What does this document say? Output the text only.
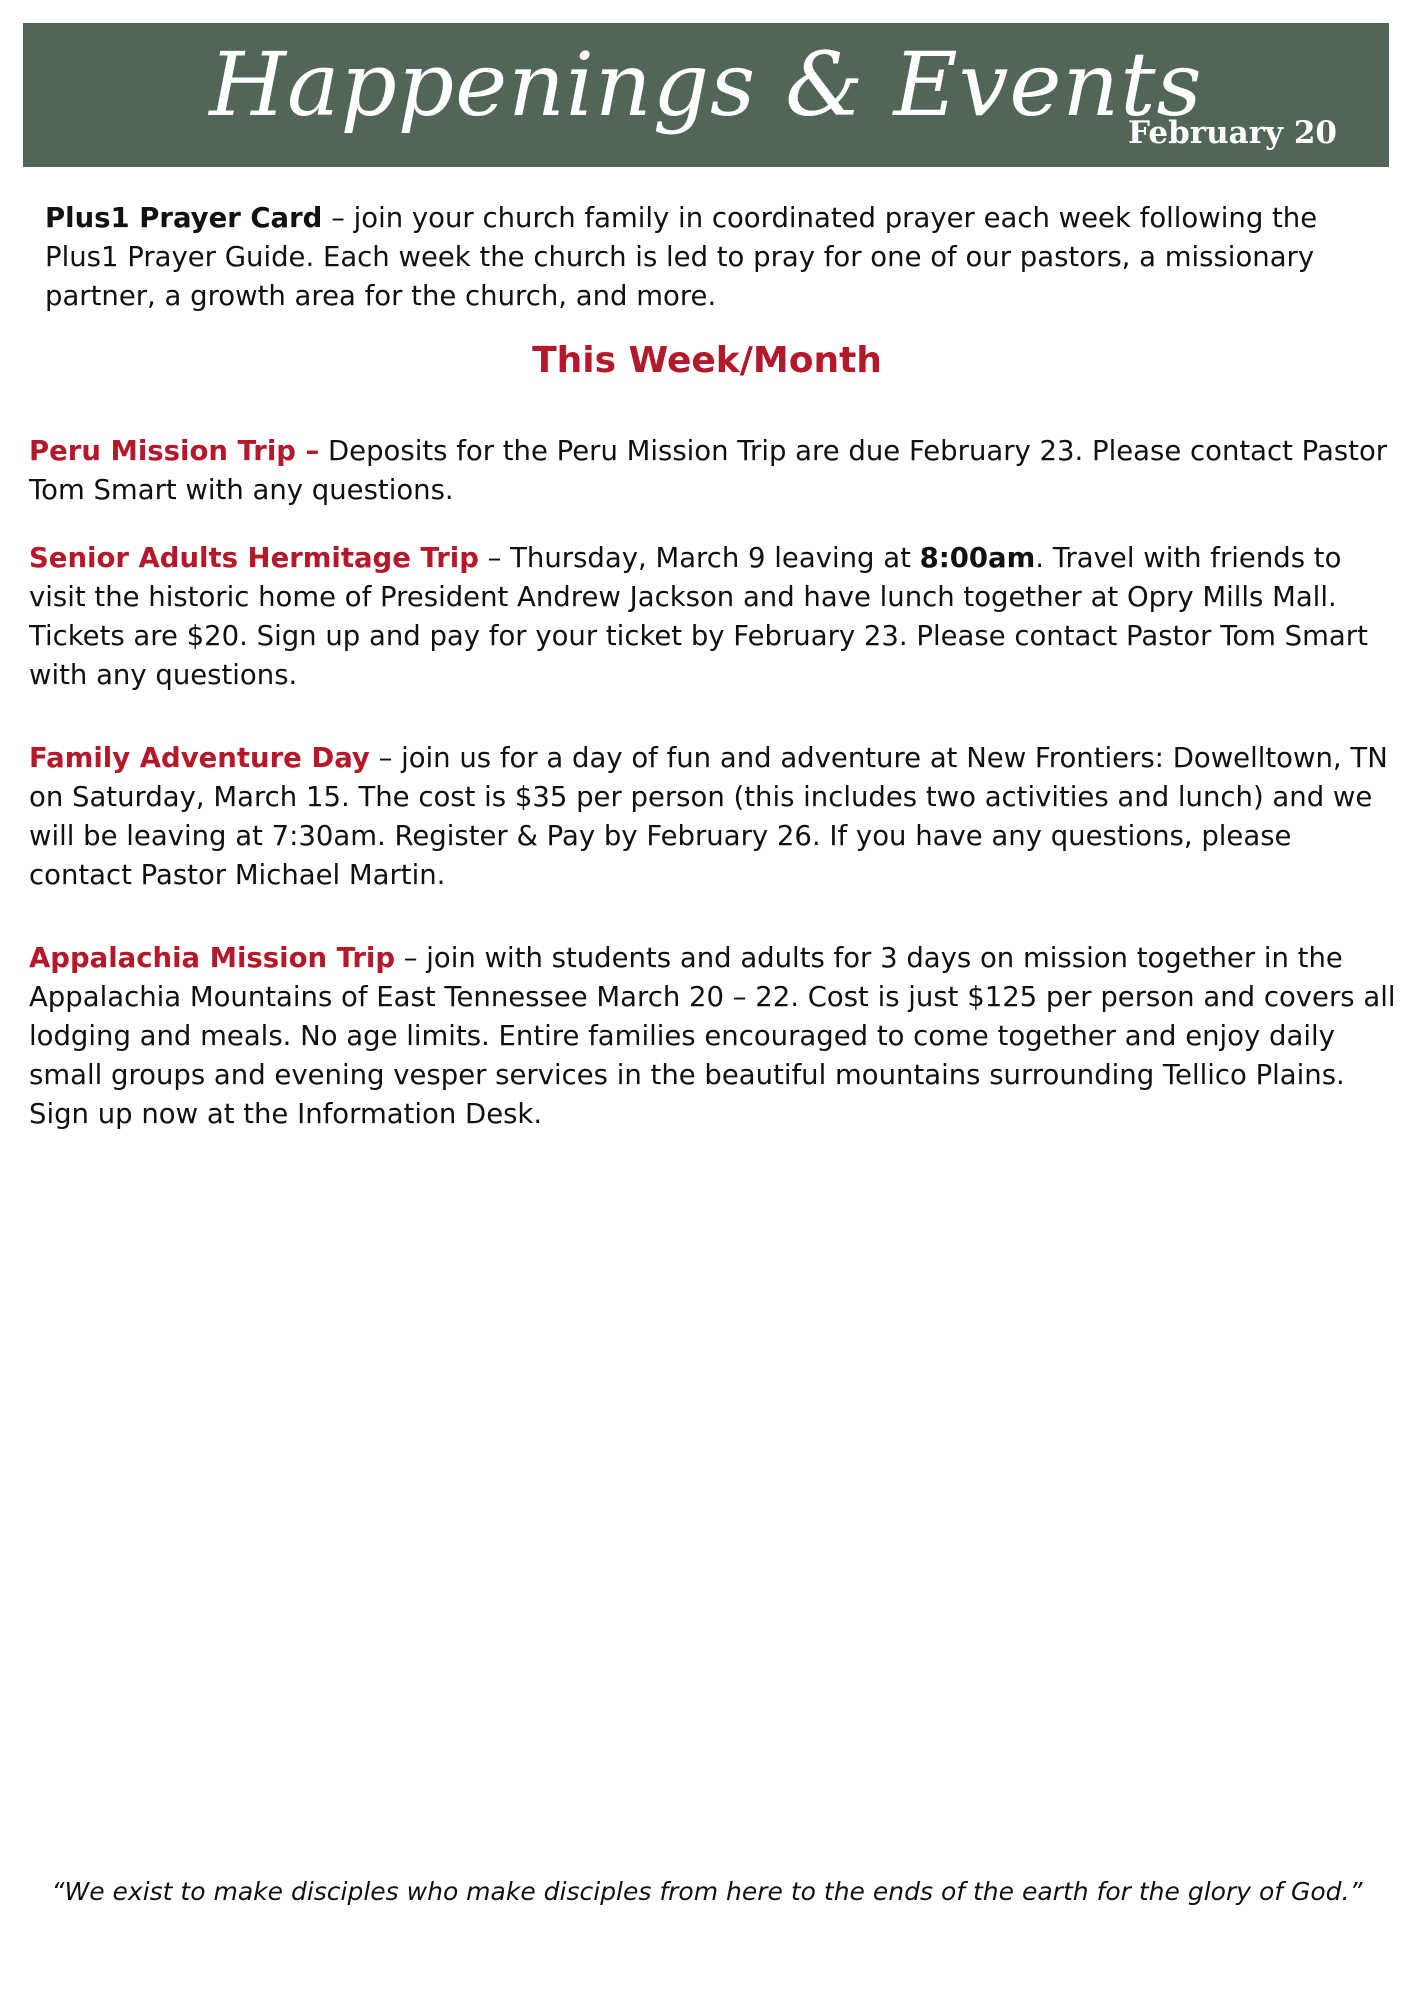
Happenings & Events
February 20
Plus1 Prayer Card – join your church family in coordinated prayer each week following the Plus1 Prayer Guide. Each week the church is led to pray for one of our pastors, a missionary partner, a growth area for the church, and more.
This Week/Month
Peru Mission Trip – Deposits for the Peru Mission Trip are due February 23. Please contact Pastor Tom Smart with any questions.
Senior Adults Hermitage Trip – Thursday, March 9 leaving at 8:00am. Travel with friends to visit the historic home of President Andrew Jackson and have lunch together at Opry Mills Mall. Tickets are $20. Sign up and pay for your ticket by February 23. Please contact Pastor Tom Smart with any questions.
Family Adventure Day – join us for a day of fun and adventure at New Frontiers: Dowelltown, TN on Saturday, March 15. The cost is $35 per person (this includes two activities and lunch) and we will be leaving at 7:30am. Register & Pay by February 26. If you have any questions, please contact Pastor Michael Martin.
Appalachia Mission Trip – join with students and adults for 3 days on mission together in the Appalachia Mountains of East Tennessee March 20 – 22. Cost is just $125 per person and covers all lodging and meals. No age limits. Entire families encouraged to come together and enjoy daily small groups and evening vesper services in the beautiful mountains surrounding Tellico Plains.
Sign up now at the Information Desk.
“We exist to make disciples who make disciples from here to the ends of the earth for the glory of God.”
